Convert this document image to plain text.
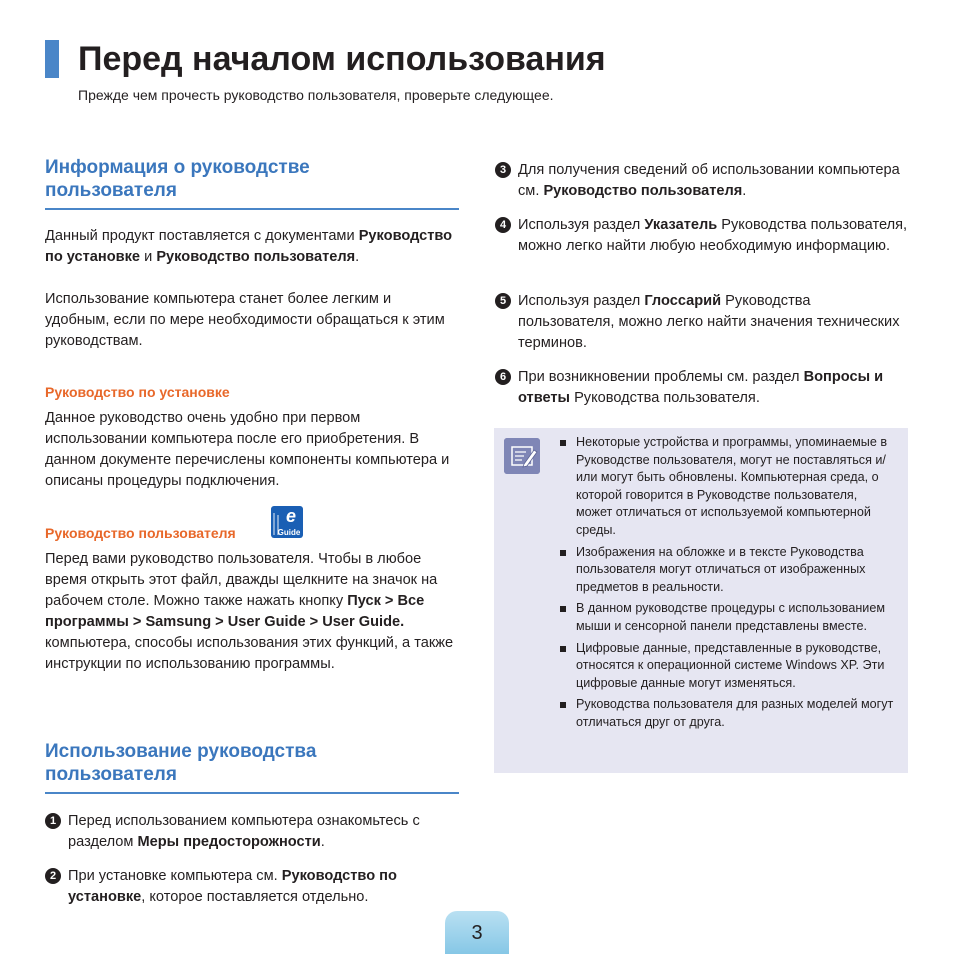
Перед началом использования
Прежде чем прочесть руководство пользователя, проверьте следующее.
Информация о руководстве
пользователя
Данный продукт поставляется с документами Руководство по установке и Руководство пользователя.
Использование компьютера станет более легким и удобным, если по мере необходимости обращаться к этим руководствам.
Руководство по установке
Данное руководство очень удобно при первом использовании компьютера после его приобретения. В данном документе перечислены компоненты компьютера и описаны процедуры подключения.
Руководство пользователя
e
Guide
Перед вами руководство пользователя. Чтобы в любое время открыть этот файл, дважды щелкните на значок на рабочем столе. Можно также нажать кнопку Пуск > Все программы > Samsung > User Guide > User Guide.
компьютера, способы использования этих функций, а также инструкции по использованию программы.
Использование руководства
пользователя
1 Перед использованием компьютера ознакомьтесь с разделом Меры предосторожности.
2 При установке компьютера см. Руководство по установке, которое поставляется отдельно.
3 Для получения сведений об использовании компьютера см. Руководство пользователя.
4 Используя раздел Указатель Руководства пользователя, можно легко найти любую необходимую информацию.
5 Используя раздел Глоссарий Руководства пользователя, можно легко найти значения технических терминов.
6 При возникновении проблемы см. раздел Вопросы и ответы Руководства пользователя.
Некоторые устройства и программы, упоминаемые в Руководстве пользователя, могут не поставляться и/или могут быть обновлены. Компьютерная среда, о которой говорится в Руководстве пользователя, может отличаться от используемой компьютерной среды.
Изображения на обложке и в тексте Руководства пользователя могут отличаться от изображенных предметов в реальности.
В данном руководстве процедуры с использованием мыши и сенсорной панели представлены вместе.
Цифровые данные, представленные в руководстве, относятся к операционной системе Windows XP. Эти цифровые данные могут изменяться.
Руководства пользователя для разных моделей могут отличаться друг от друга.
3
